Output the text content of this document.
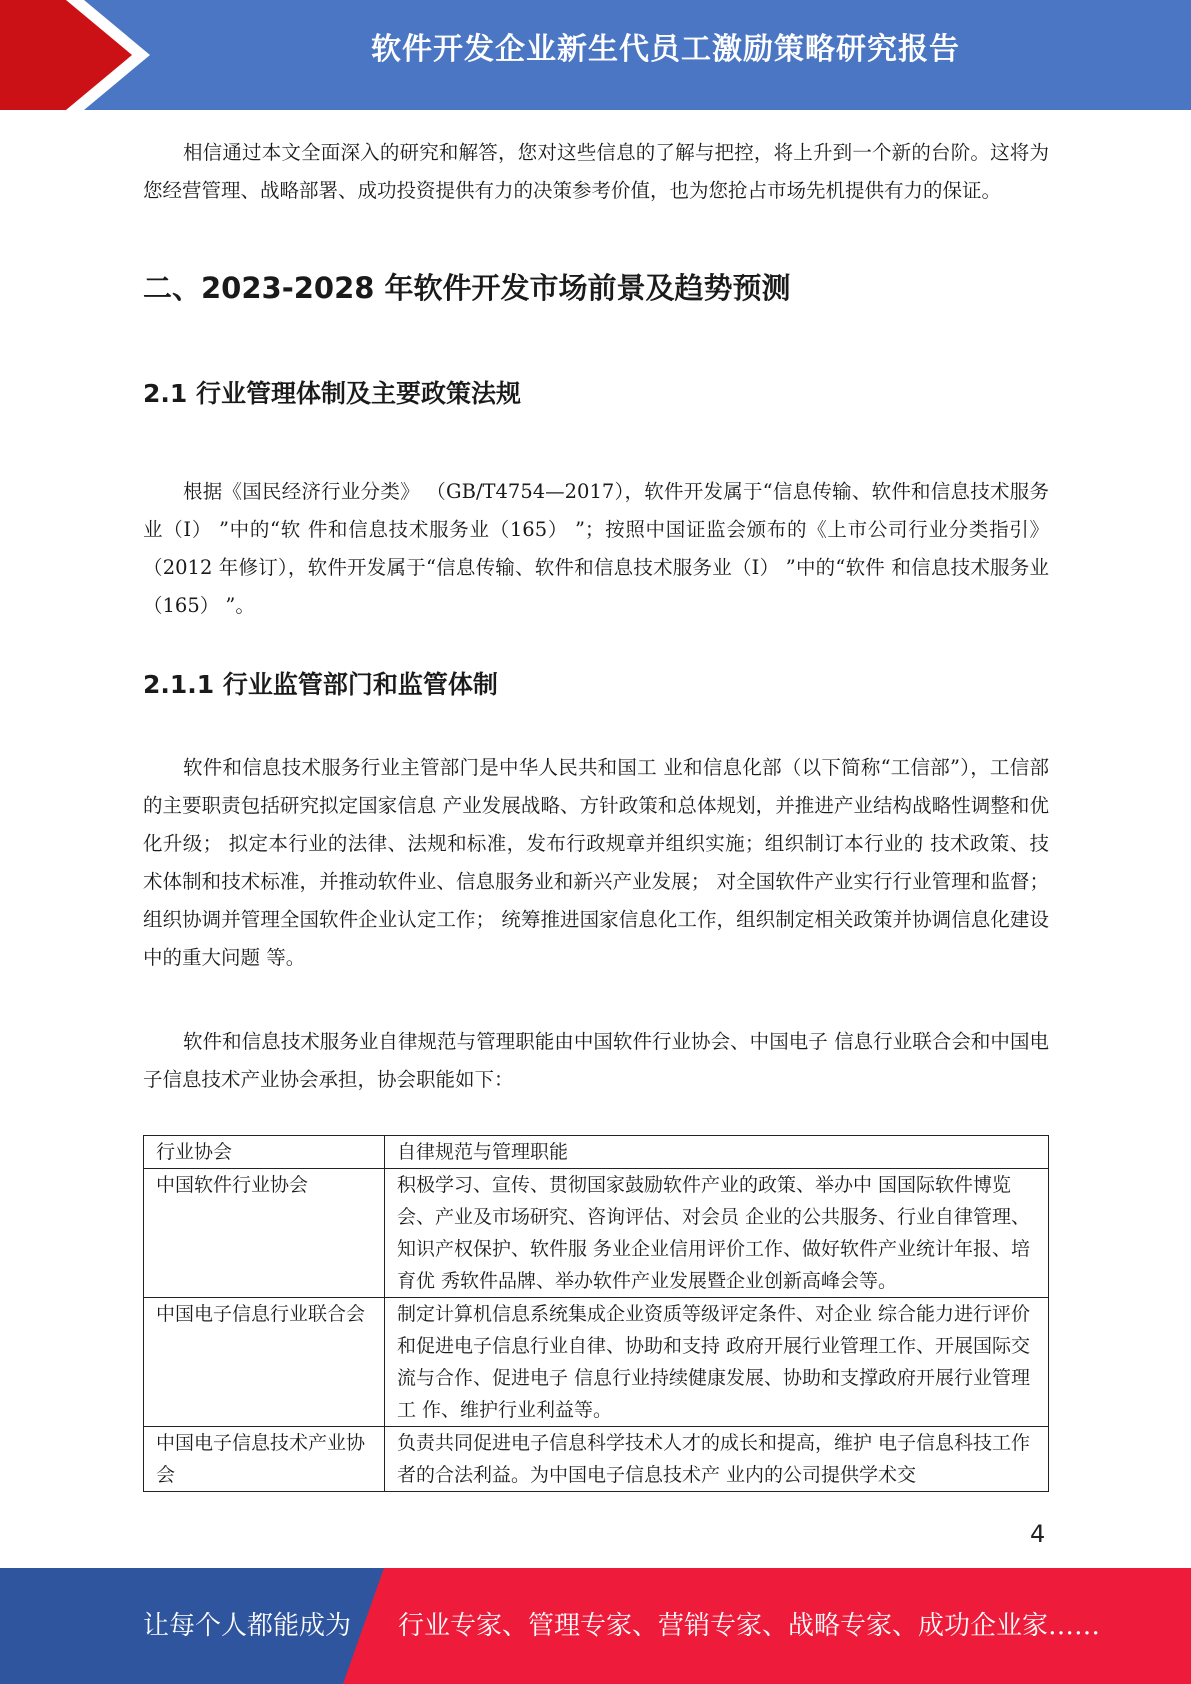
软件开发企业新生代员工激励策略研究报告

相信通过本文全面深入的研究和解答，您对这些信息的了解与把控，将上升到一个新的台阶。这将为您经营管理、战略部署、成功投资提供有力的决策参考价值，也为您抢占市场先机提供有力的保证。

二、2023-2028 年软件开发市场前景及趋势预测
2.1 行业管理体制及主要政策法规

根据《国民经济行业分类》 （GB/T4754—2017），软件开发属于“信息传输、软件和信息技术服务业（I） ”中的“软 件和信息技术服务业（165） ”；按照中国证监会颁布的《上市公司行业分类指引》 （2012 年修订），软件开发属于“信息传输、软件和信息技术服务业（I） ”中的“软件 和信息技术服务业（165） ”。

2.1.1 行业监管部门和监管体制

软件和信息技术服务行业主管部门是中华人民共和国工 业和信息化部（以下简称“工信部”），工信部的主要职责包括研究拟定国家信息 产业发展战略、方针政策和总体规划，并推进产业结构战略性调整和优化升级； 拟定本行业的法律、法规和标准，发布行政规章并组织实施；组织制订本行业的 技术政策、技术体制和技术标准，并推动软件业、信息服务业和新兴产业发展； 对全国软件产业实行行业管理和监督；组织协调并管理全国软件企业认定工作； 统筹推进国家信息化工作，组织制定相关政策并协调信息化建设中的重大问题 等。

软件和信息技术服务业自律规范与管理职能由中国软件行业协会、中国电子 信息行业联合会和中国电子信息技术产业协会承担，协会职能如下：

行业协会	自律规范与管理职能
中国软件行业协会	积极学习、宣传、贯彻国家鼓励软件产业的政策、举办中 国国际软件博览会、产业及市场研究、咨询评估、对会员 企业的公共服务、行业自律管理、知识产权保护、软件服 务业企业信用评价工作、做好软件产业统计年报、培育优 秀软件品牌、举办软件产业发展暨企业创新高峰会等。
中国电子信息行业联合会	制定计算机信息系统集成企业资质等级评定条件、对企业 综合能力进行评价和促进电子信息行业自律、协助和支持 政府开展行业管理工作、开展国际交流与合作、促进电子 信息行业持续健康发展、协助和支撑政府开展行业管理工 作、维护行业利益等。
中国电子信息技术产业协会	负责共同促进电子信息科学技术人才的成长和提高，维护 电子信息科技工作者的合法利益。为中国电子信息技术产 业内的公司提供学术交
4
让每个人都能成为 行业专家、管理专家、营销专家、战略专家、成功企业家……
